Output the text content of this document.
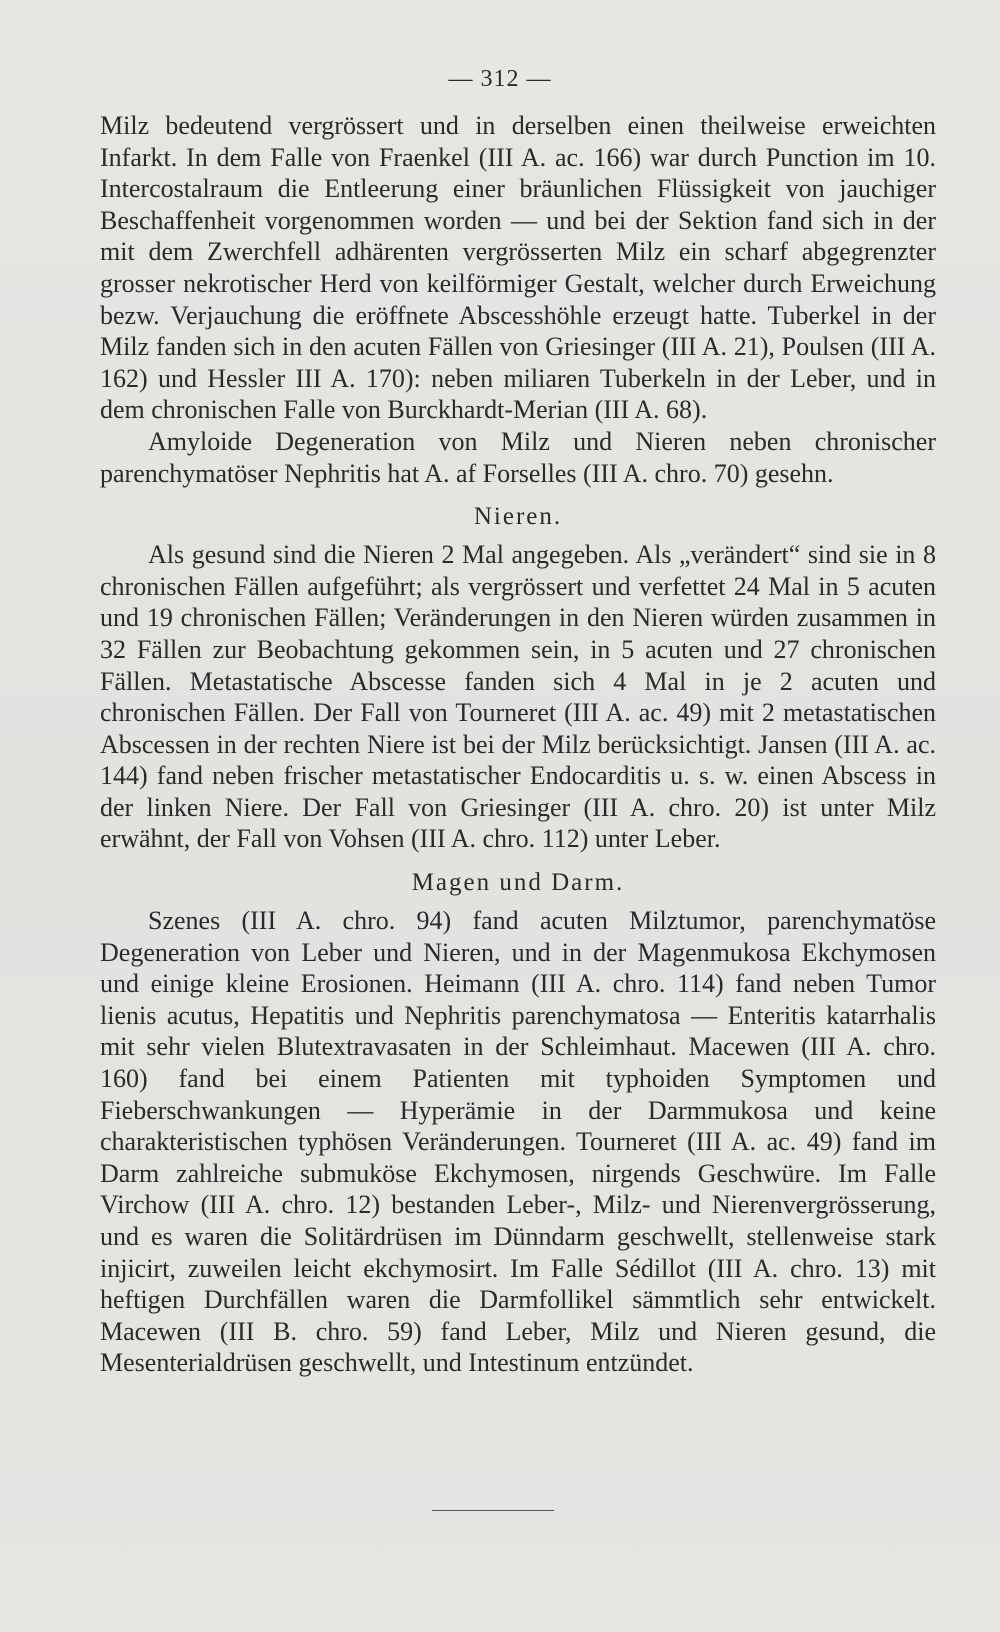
— 312 —

Milz bedeutend vergrössert und in derselben einen theilweise erweichten Infarkt. In dem Falle von Fraenkel (III A. ac. 166) war durch Punction im 10. Intercostalraum die Entleerung einer bräunlichen Flüssigkeit von jauchiger Beschaffenheit vorgenommen worden — und bei der Sektion fand sich in der mit dem Zwerchfell adhärenten vergrösserten Milz ein scharf abgegrenzter grosser nekrotischer Herd von keilförmiger Gestalt, welcher durch Erweichung bezw. Verjauchung die eröffnete Abscesshöhle erzeugt hatte. Tuberkel in der Milz fanden sich in den acuten Fällen von Griesinger (III A. 21), Poulsen (III A. 162) und Hessler III A. 170): neben miliaren Tuberkeln in der Leber, und in dem chronischen Falle von Burckhardt-Merian (III A. 68).

Amyloide Degeneration von Milz und Nieren neben chronischer parenchymatöser Nephritis hat A. af Forselles (III A. chro. 70) gesehn.

Nieren.

Als gesund sind die Nieren 2 Mal angegeben. Als „verändert“ sind sie in 8 chronischen Fällen aufgeführt; als vergrössert und verfettet 24 Mal in 5 acuten und 19 chronischen Fällen; Veränderungen in den Nieren würden zusammen in 32 Fällen zur Beobachtung gekommen sein, in 5 acuten und 27 chronischen Fällen. Metastatische Abscesse fanden sich 4 Mal in je 2 acuten und chronischen Fällen. Der Fall von Tourneret (III A. ac. 49) mit 2 metastatischen Abscessen in der rechten Niere ist bei der Milz berücksichtigt. Jansen (III A. ac. 144) fand neben frischer metastatischer Endocarditis u. s. w. einen Abscess in der linken Niere. Der Fall von Griesinger (III A. chro. 20) ist unter Milz erwähnt, der Fall von Vohsen (III A. chro. 112) unter Leber.

Magen und Darm.

Szenes (III A. chro. 94) fand acuten Milztumor, parenchymatöse Degeneration von Leber und Nieren, und in der Magenmukosa Ekchymosen und einige kleine Erosionen. Heimann (III A. chro. 114) fand neben Tumor lienis acutus, Hepatitis und Nephritis parenchymatosa — Enteritis katarrhalis mit sehr vielen Blutextravasaten in der Schleimhaut. Macewen (III A. chro. 160) fand bei einem Patienten mit typhoiden Symptomen und Fieberschwankungen — Hyperämie in der Darmmukosa und keine charakteristischen typhösen Veränderungen. Tourneret (III A. ac. 49) fand im Darm zahlreiche submuköse Ekchymosen, nirgends Geschwüre. Im Falle Virchow (III A. chro. 12) bestanden Leber-, Milz- und Nierenvergrösserung, und es waren die Solitärdrüsen im Dünndarm geschwellt, stellenweise stark injicirt, zuweilen leicht ekchymosirt. Im Falle Sédillot (III A. chro. 13) mit heftigen Durchfällen waren die Darmfollikel sämmtlich sehr entwickelt. Macewen (III B. chro. 59) fand Leber, Milz und Nieren gesund, die Mesenterialdrüsen geschwellt, und Intestinum entzündet.
